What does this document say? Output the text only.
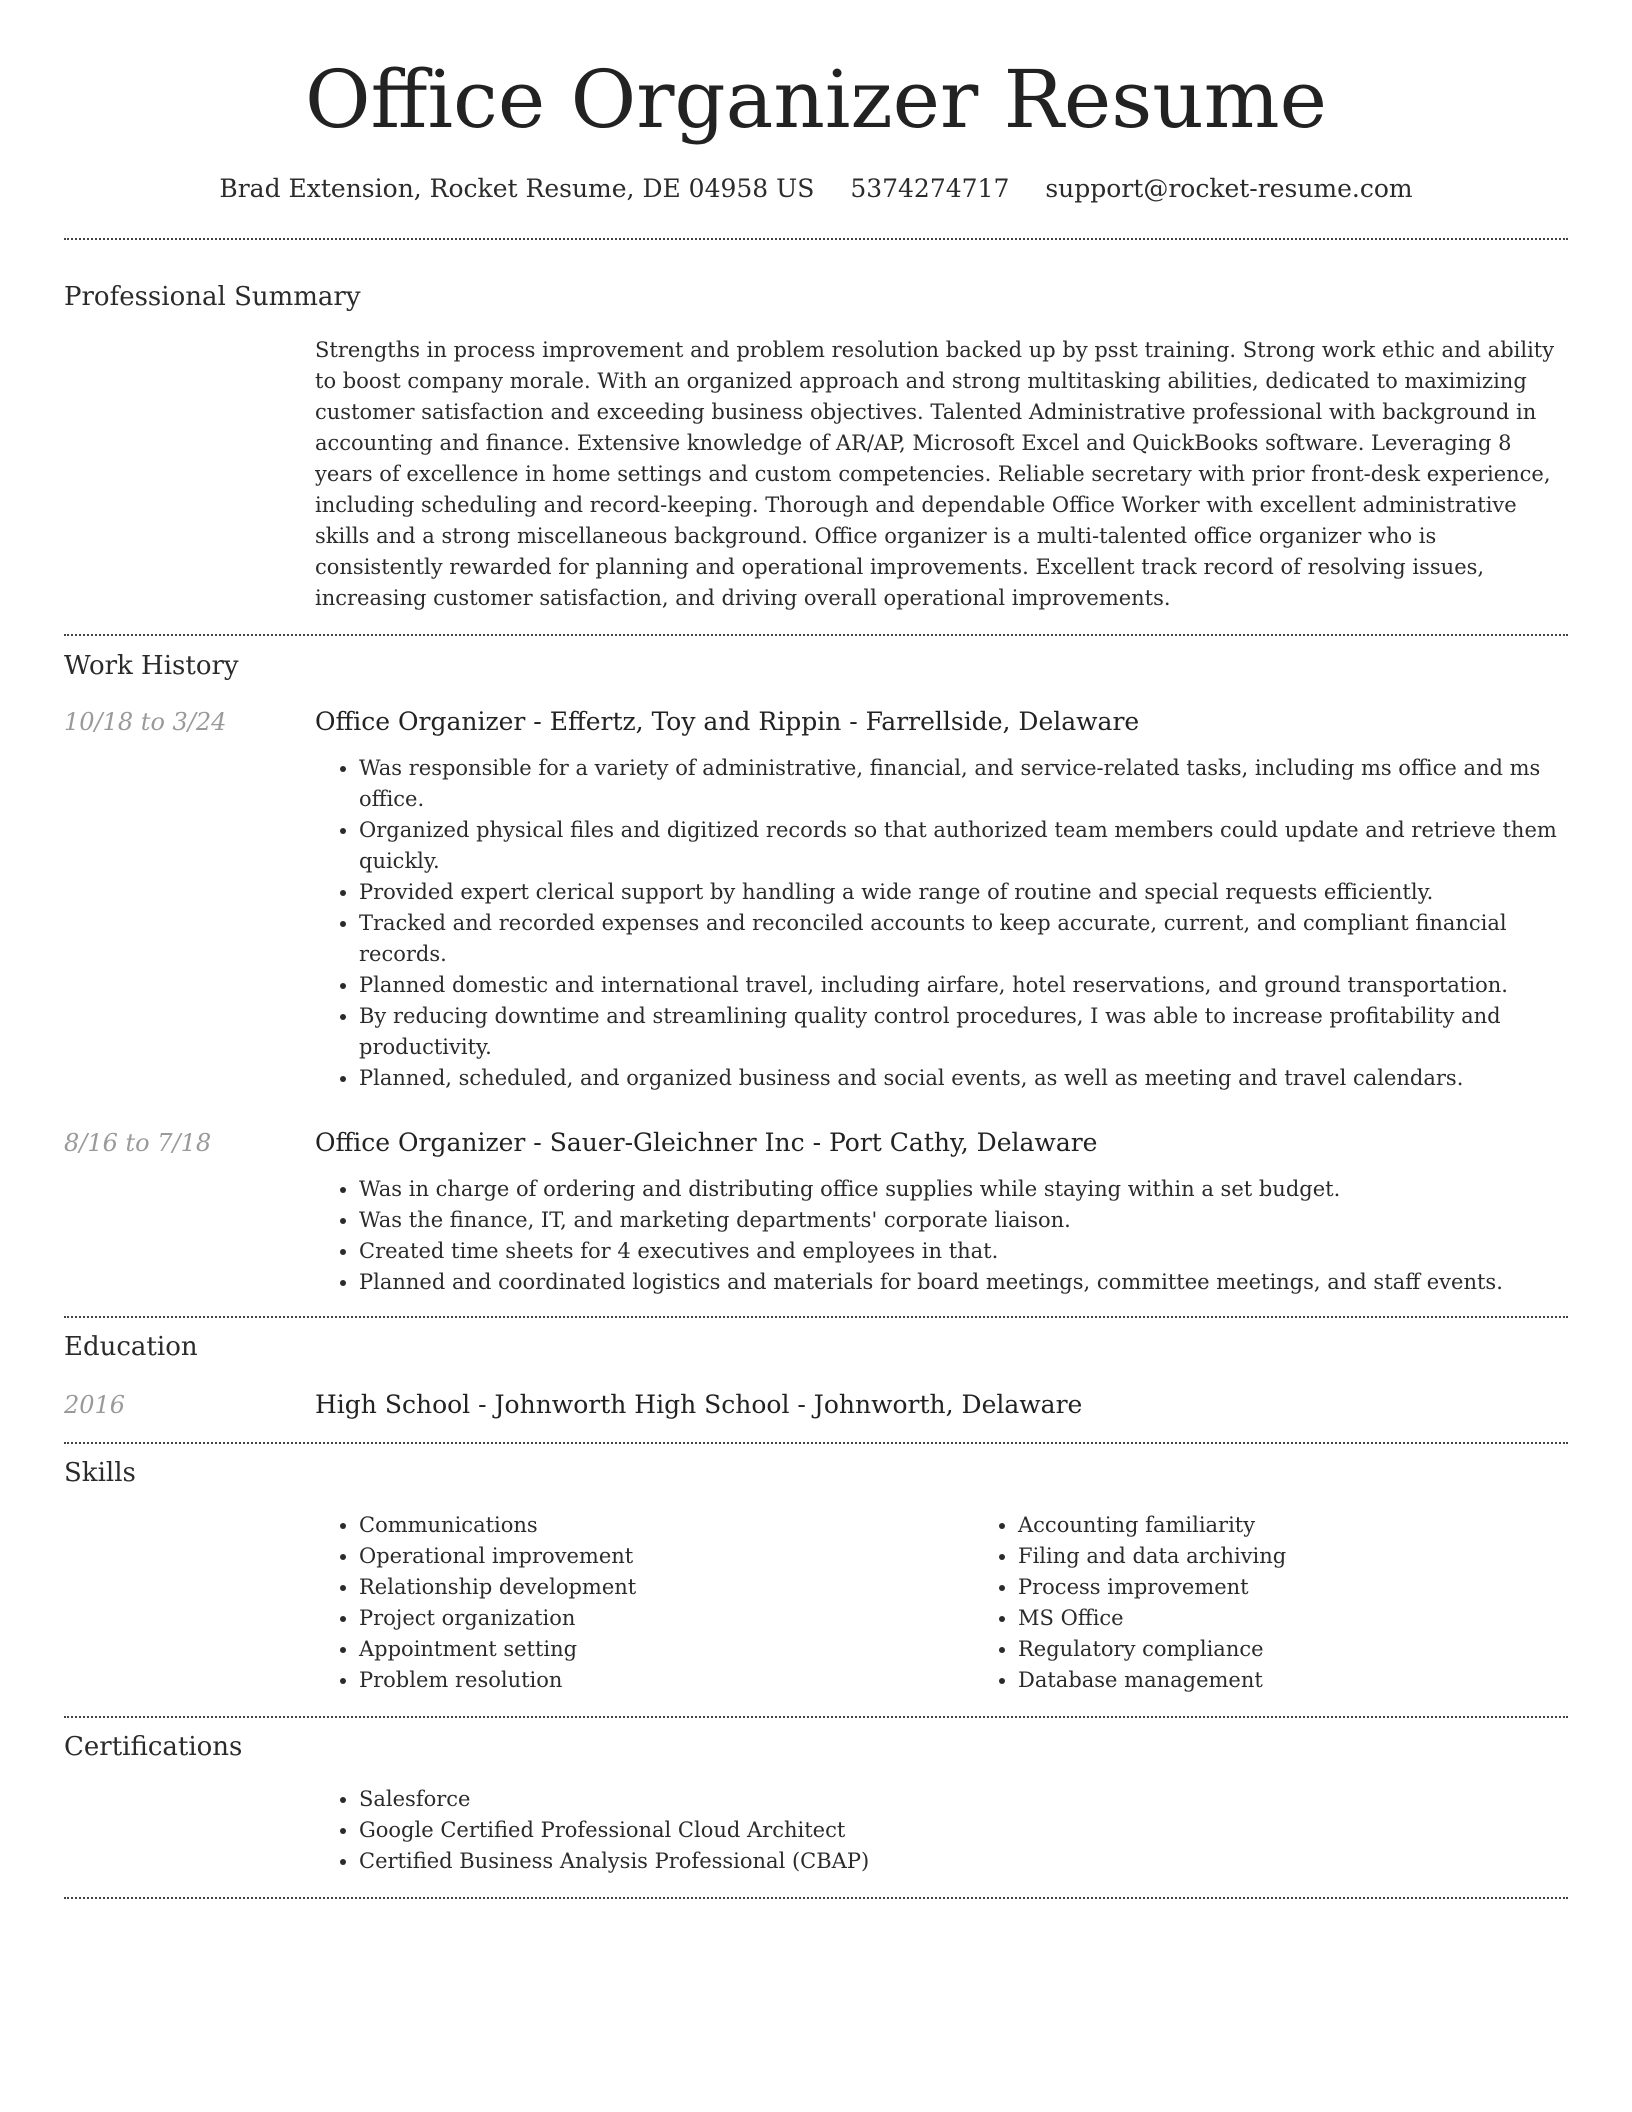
Office Organizer Resume
Brad Extension, Rocket Resume, DE 04958 US 5374274717 support@rocket-resume.com
Professional Summary

Strengths in process improvement and problem resolution backed up by psst training. Strong work ethic and ability to boost company morale. With an organized approach and strong multitasking abilities, dedicated to maximizing customer satisfaction and exceeding business objectives. Talented Administrative professional with background in accounting and finance. Extensive knowledge of AR/AP, Microsoft Excel and QuickBooks software. Leveraging 8 years of excellence in home settings and custom competencies. Reliable secretary with prior front-desk experience, including scheduling and record-keeping. Thorough and dependable Office Worker with excellent administrative skills and a strong miscellaneous background. Office organizer is a multi-talented office organizer who is consistently rewarded for planning and operational improvements. Excellent track record of resolving issues, increasing customer satisfaction, and driving overall operational improvements.

Work History
10/18 to 3/24	Office Organizer - Effertz, Toy and Rippin - Farrellside, Delaware
• Was responsible for a variety of administrative, financial, and service-related tasks, including ms office and ms office.
• Organized physical files and digitized records so that authorized team members could update and retrieve them quickly.
• Provided expert clerical support by handling a wide range of routine and special requests efficiently.
• Tracked and recorded expenses and reconciled accounts to keep accurate, current, and compliant financial records.
• Planned domestic and international travel, including airfare, hotel reservations, and ground transportation.
• By reducing downtime and streamlining quality control procedures, I was able to increase profitability and productivity.
• Planned, scheduled, and organized business and social events, as well as meeting and travel calendars.
8/16 to 7/18	Office Organizer - Sauer-Gleichner Inc - Port Cathy, Delaware
• Was in charge of ordering and distributing office supplies while staying within a set budget.
• Was the finance, IT, and marketing departments' corporate liaison.
• Created time sheets for 4 executives and employees in that.
• Planned and coordinated logistics and materials for board meetings, committee meetings, and staff events.
Education
2016	High School - Johnworth High School - Johnworth, Delaware
Skills
• Communications
• Operational improvement
• Relationship development
• Project organization
• Appointment setting
• Problem resolution
• Accounting familiarity
• Filing and data archiving
• Process improvement
• MS Office
• Regulatory compliance
• Database management
Certifications
• Salesforce
• Google Certified Professional Cloud Architect
• Certified Business Analysis Professional (CBAP)
